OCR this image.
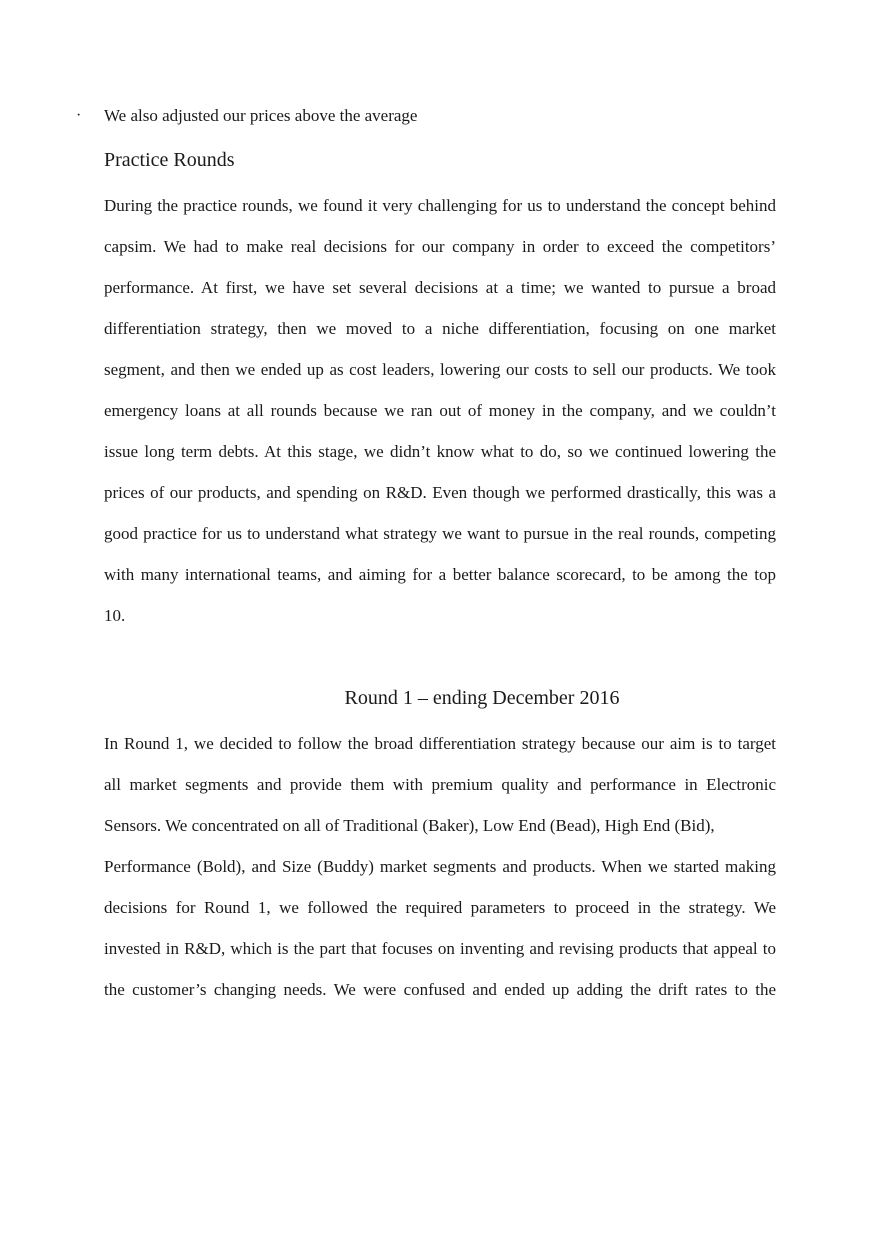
· We also adjusted our prices above the average
Practice Rounds
During the practice rounds, we found it very challenging for us to understand the concept behind
capsim. We had to make real decisions for our company in order to exceed the competitors’
performance. At first, we have set several decisions at a time; we wanted to pursue a broad
differentiation strategy, then we moved to a niche differentiation, focusing on one market
segment, and then we ended up as cost leaders, lowering our costs to sell our products. We took
emergency loans at all rounds because we ran out of money in the company, and we couldn’t
issue long term debts. At this stage, we didn’t know what to do, so we continued lowering the
prices of our products, and spending on R&D. Even though we performed drastically, this was a
good practice for us to understand what strategy we want to pursue in the real rounds, competing
with many international teams, and aiming for a better balance scorecard, to be among the top
10.
Round 1 – ending December 2016
In Round 1, we decided to follow the broad differentiation strategy because our aim is to target
all market segments and provide them with premium quality and performance in Electronic
Sensors. We concentrated on all of Traditional (Baker), Low End (Bead), High End (Bid),
Performance (Bold), and Size (Buddy) market segments and products. When we started making
decisions for Round 1, we followed the required parameters to proceed in the strategy. We
invested in R&D, which is the part that focuses on inventing and revising products that appeal to
the customer’s changing needs. We were confused and ended up adding the drift rates to the
